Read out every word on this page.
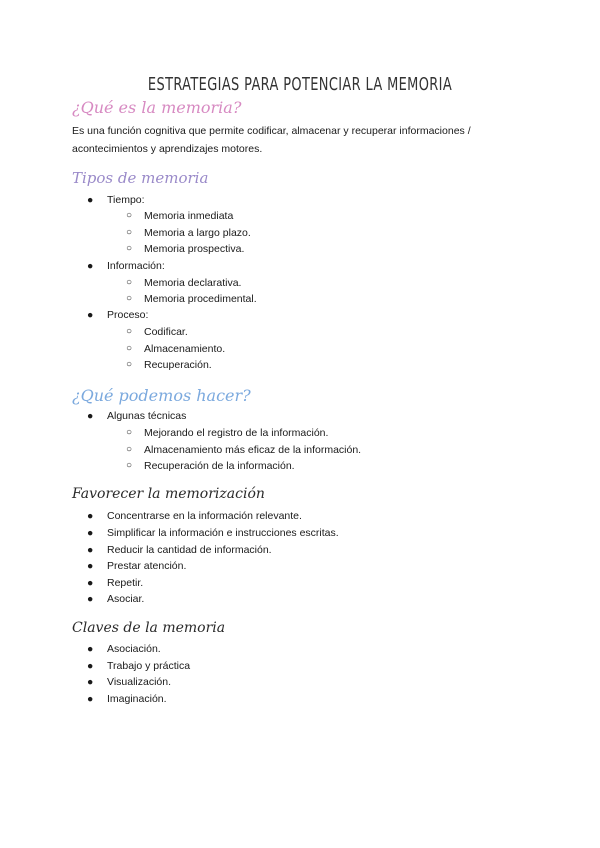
ESTRATEGIAS PARA POTENCIAR LA MEMORIA
¿Qué es la memoria?

Es una función cognitiva que permite codificar, almacenar y recuperar informaciones / acontecimientos y aprendizajes motores.

Tipos de memoria
● Tiempo:
○ Memoria inmediata
○ Memoria a largo plazo.
○ Memoria prospectiva.
● Información:
○ Memoria declarativa.
○ Memoria procedimental.
● Proceso:
○ Codificar.
○ Almacenamiento.
○ Recuperación.
¿Qué podemos hacer?
● Algunas técnicas
○ Mejorando el registro de la información.
○ Almacenamiento más eficaz de la información.
○ Recuperación de la información.
Favorecer la memorización
● Concentrarse en la información relevante.
● Simplificar la información e instrucciones escritas.
● Reducir la cantidad de información.
● Prestar atención.
● Repetir.
● Asociar.
Claves de la memoria
● Asociación.
● Trabajo y práctica
● Visualización.
● Imaginación.
